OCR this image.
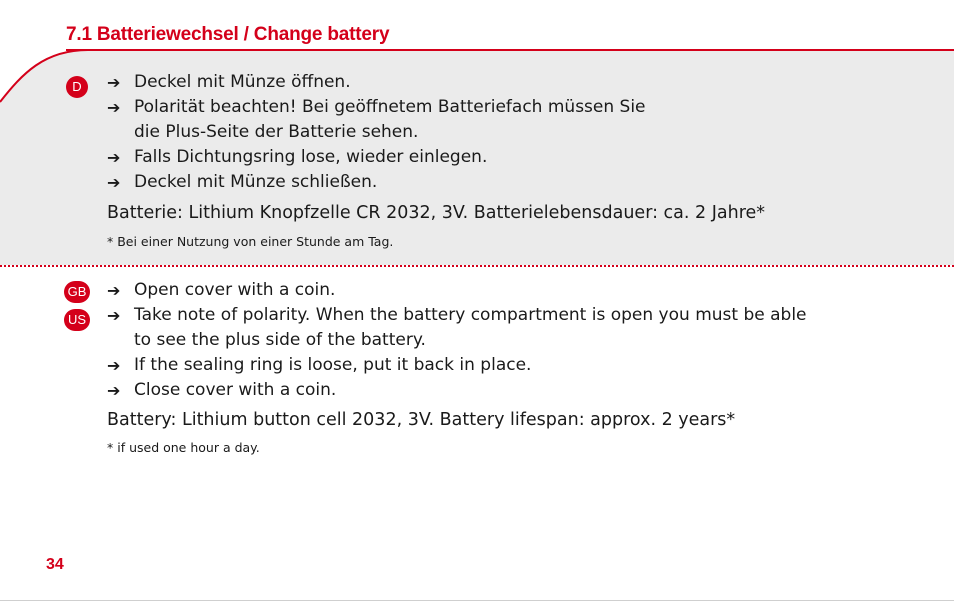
7.1 Batteriewechsel / Change battery
D	➔ Deckel mit Münze öffnen.
➔ Polarität beachten! Bei geöffnetem Batteriefach müssen Sie
die Plus-Seite der Batterie sehen.
➔ Falls Dichtungsring lose, wieder einlegen.
➔ Deckel mit Münze schließen.
Batterie: Lithium Knopfzelle CR 2032, 3V. Batterielebensdauer: ca. 2 Jahre*
* Bei einer Nutzung von einer Stunde am Tag.
GB
US
➔ Open cover with a coin.
➔ Take note of polarity. When the battery compartment is open you must be able
to see the plus side of the battery.
➔ If the sealing ring is loose, put it back in place.
➔ Close cover with a coin.
Battery: Lithium button cell 2032, 3V. Battery lifespan: approx. 2 years*
* if used one hour a day.
34
